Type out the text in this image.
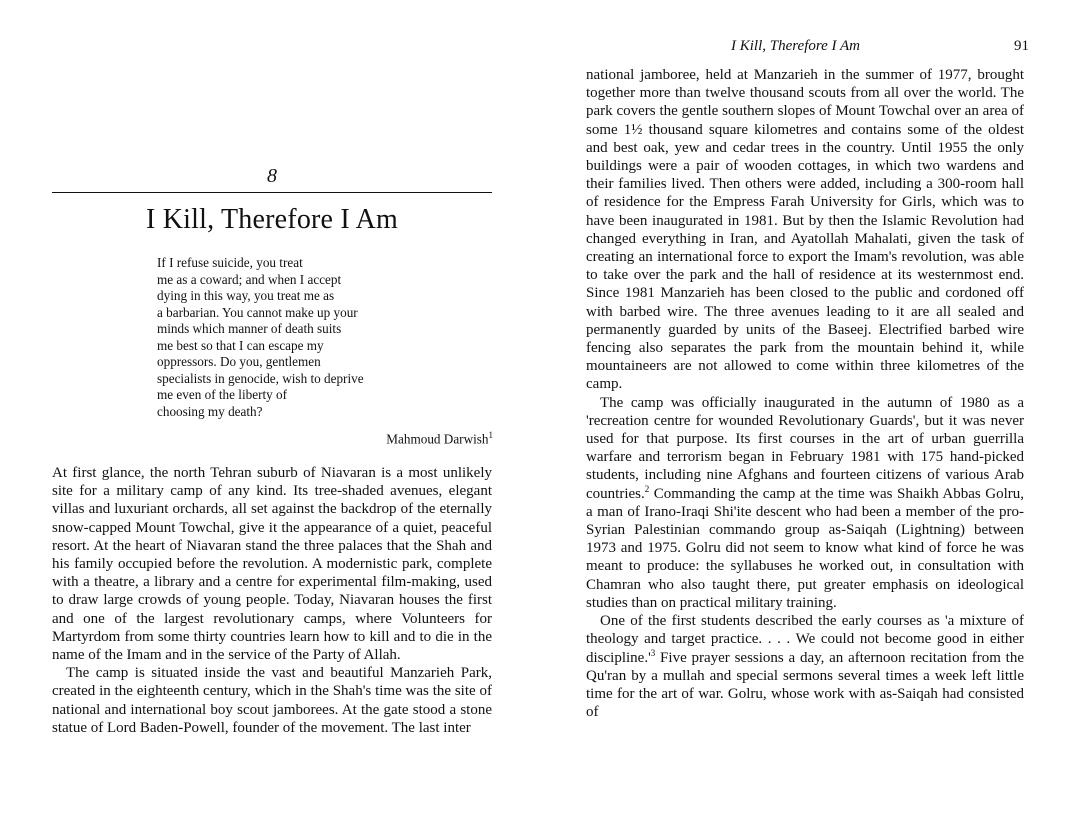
8
I Kill, Therefore I Am
If I refuse suicide, you treat
me as a coward; and when I accept
dying in this way, you treat me as
a barbarian. You cannot make up your
minds which manner of death suits
me best so that I can escape my
oppressors. Do you, gentlemen
specialists in genocide, wish to deprive
me even of the liberty of
choosing my death?
Mahmoud Darwish$^1$

At first glance, the north Tehran suburb of Niavaran is a most unlikely site for a military camp of any kind. Its tree-shaded avenues, elegant villas and luxuriant orchards, all set against the backdrop of the eternally snow-capped Mount Towchal, give it the appearance of a quiet, peaceful resort. At the heart of Niavaran stand the three palaces that the Shah and his family occupied before the revolution. A modernistic park, complete with a theatre, a library and a centre for experimental film-making, used to draw large crowds of young people. Today, Niavaran houses the first and one of the largest revolutionary camps, where Volunteers for Martyrdom from some thirty countries learn how to kill and to die in the name of the Imam and in the service of the Party of Allah.

The camp is situated inside the vast and beautiful Manzarieh Park, created in the eighteenth century, which in the Shah's time was the site of national and international boy scout jamborees. At the gate stood a stone statue of Lord Baden-Powell, founder of the movement. The last inter

I Kill, Therefore I Am	91

national jamboree, held at Manzarieh in the summer of 1977, brought together more than twelve thousand scouts from all over the world. The park covers the gentle southern slopes of Mount Towchal over an area of some 1½ thousand square kilometres and contains some of the oldest and best oak, yew and cedar trees in the country. Until 1955 the only buildings were a pair of wooden cottages, in which two wardens and their families lived. Then others were added, including a 300-room hall of residence for the Empress Farah University for Girls, which was to have been inaugurated in 1981. But by then the Islamic Revolution had changed everything in Iran, and Ayatollah Mahalati, given the task of creating an international force to export the Imam's revolution, was able to take over the park and the hall of residence at its westernmost end. Since 1981 Manzarieh has been closed to the public and cordoned off with barbed wire. The three avenues leading to it are all sealed and permanently guarded by units of the Baseej. Electrified barbed wire fencing also separates the park from the mountain behind it, while mountaineers are not allowed to come within three kilometres of the camp.

The camp was officially inaugurated in the autumn of 1980 as a 'recreation centre for wounded Revolutionary Guards', but it was never used for that purpose. Its first courses in the art of urban guerrilla warfare and terrorism began in February 1981 with 175 hand-picked students, including nine Afghans and fourteen citizens of various Arab countries.$^2$ Commanding the camp at the time was Shaikh Abbas Golru, a man of Irano-Iraqi Shi'ite descent who had been a member of the pro-Syrian Palestinian commando group as-Saiqah (Lightning) between 1973 and 1975. Golru did not seem to know what kind of force he was meant to produce: the syllabuses he worked out, in consultation with Chamran who also taught there, put greater emphasis on ideological studies than on practical military training.

One of the first students described the early courses as 'a mixture of theology and target practice. . . . We could not become good in either discipline.'$^3$ Five prayer sessions a day, an afternoon recitation from the Qu'ran by a mullah and special sermons several times a week left little time for the art of war. Golru, whose work with as-Saiqah had consisted of
